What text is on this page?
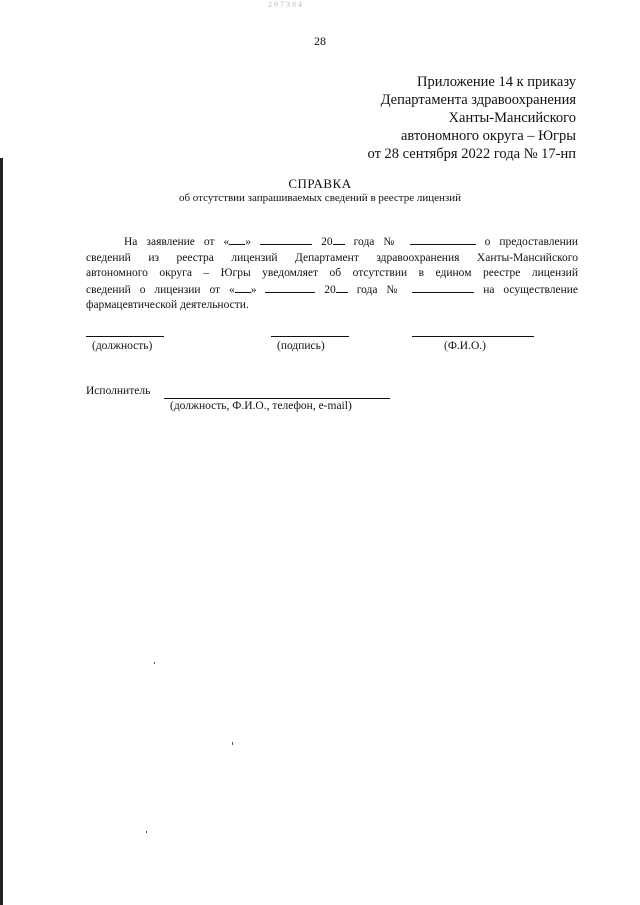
2 9 7 3 8 4
28
Приложение 14 к приказу
Департамента здравоохранения
Ханты-Мансийского
автономного округа – Югры
от 28 сентября 2022 года № 17-нп
СПРАВКА
об отсутствии запрашиваемых сведений в реестре лицензий
На заявление от « »	20 года №	о предоставлении
сведений из реестра лицензий Департамент здравоохранения Ханты-Мансийского
автономного округа – Югры уведомляет об отсутствии в едином реестре лицензий
сведений о лицензии от « »	20 года №	на осуществление
фармацевтической деятельности.
(должность)	(подпись)	(Ф.И.О.)
Исполнитель
(должность, Ф.И.О., телефон, e-mail)
